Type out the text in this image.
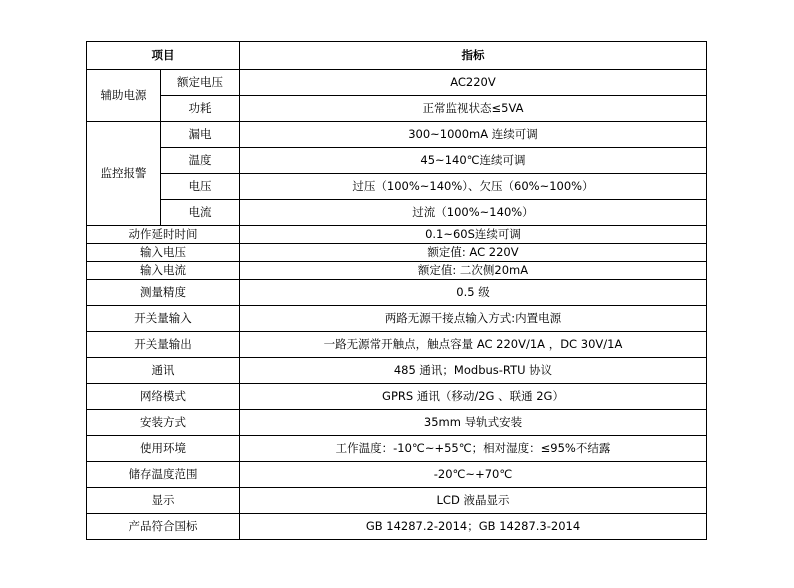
项目		指标
辅助电源	额定电压	AC220V
	功耗	正常监视状态≤5VA
监控报警	漏电	300~1000mA 连续可调
	温度	45~140℃连续可调
	电压	过压（100%~140%）、欠压（60%~100%）
	电流	过流（100%~140%）
动作延时时间		0.1~60S连续可调
输入电压		额定值: AC 220V
输入电流		额定值: 二次侧20mA
测量精度		0.5 级
开关量输入		两路无源干接点输入方式:内置电源
开关量输出		一路无源常开触点，触点容量 AC 220V/1A ，DC 30V/1A
通讯		485 通讯；Modbus-RTU 协议
网络模式		GPRS 通讯（移动/2G 、联通 2G）
安装方式		35mm 导轨式安装
使用环境		工作温度：-10℃~+55℃；相对湿度：≤95%不结露
储存温度范围		-20℃~+70℃
显示		LCD 液晶显示
产品符合国标		GB 14287.2-2014；GB 14287.3-2014
